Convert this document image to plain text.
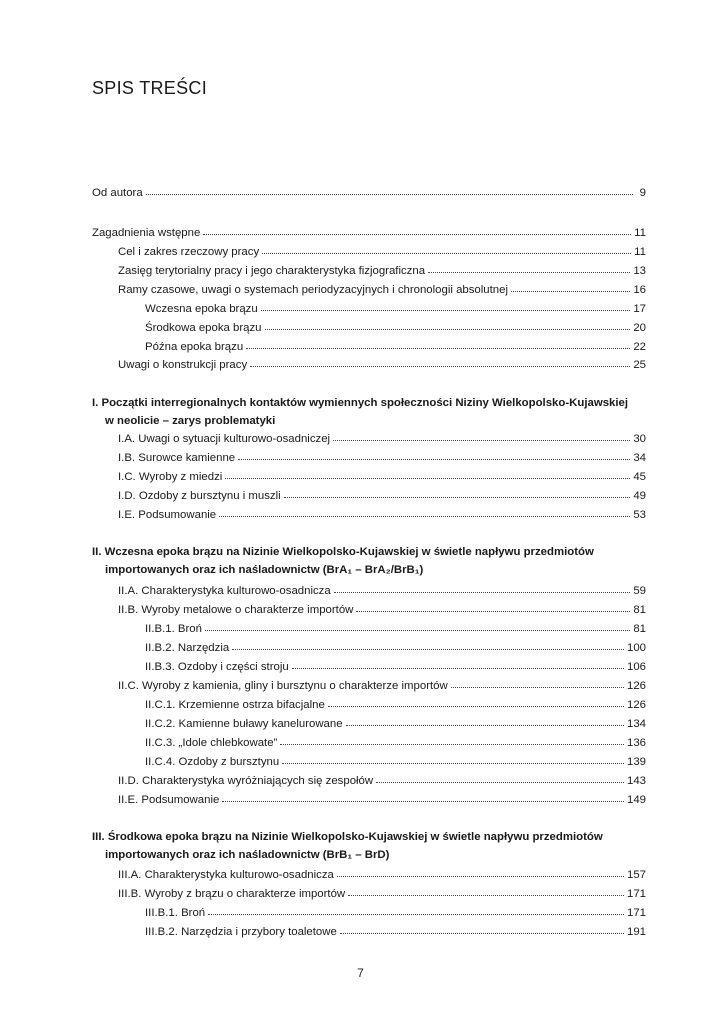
SPIS TREŚCI
Od autora	9
Zagadnienia wstępne	11
Cel i zakres rzeczowy pracy	11
Zasięg terytorialny pracy i jego charakterystyka fizjograficzna	13
Ramy czasowe, uwagi o systemach periodyzacyjnych i chronologii absolutnej	16
Wczesna epoka brązu	17
Środkowa epoka brązu	20
Późna epoka brązu	22
Uwagi o konstrukcji pracy	25
I. Początki interregionalnych kontaktów wymiennych społeczności Niziny Wielkopolsko-Kujawskiej
w neolicie – zarys problematyki
I.A. Uwagi o sytuacji kulturowo-osadniczej	30
I.B. Surowce kamienne	34
I.C. Wyroby z miedzi	45
I.D. Ozdoby z bursztynu i muszli	49
I.E. Podsumowanie	53
II. Wczesna epoka brązu na Nizinie Wielkopolsko-Kujawskiej w świetle napływu przedmiotów
importowanych oraz ich naśladownictw (BrA₁ – BrA₂/BrB₁)
II.A. Charakterystyka kulturowo-osadnicza	59
II.B. Wyroby metalowe o charakterze importów	81
II.B.1. Broń	81
II.B.2. Narzędzia	100
II.B.3. Ozdoby i części stroju	106
II.C. Wyroby z kamienia, gliny i bursztynu o charakterze importów	126
II.C.1. Krzemienne ostrza bifacjalne	126
II.C.2. Kamienne buławy kanelurowane	134
II.C.3. „Idole chlebkowate”	136
II.C.4. Ozdoby z bursztynu	139
II.D. Charakterystyka wyróżniających się zespołów	143
II.E. Podsumowanie	149
III. Środkowa epoka brązu na Nizinie Wielkopolsko-Kujawskiej w świetle napływu przedmiotów
importowanych oraz ich naśladownictw (BrB₁ – BrD)
III.A. Charakterystyka kulturowo-osadnicza	157
III.B. Wyroby z brązu o charakterze importów	171
III.B.1. Broń	171
III.B.2. Narzędzia i przybory toaletowe	191
7
